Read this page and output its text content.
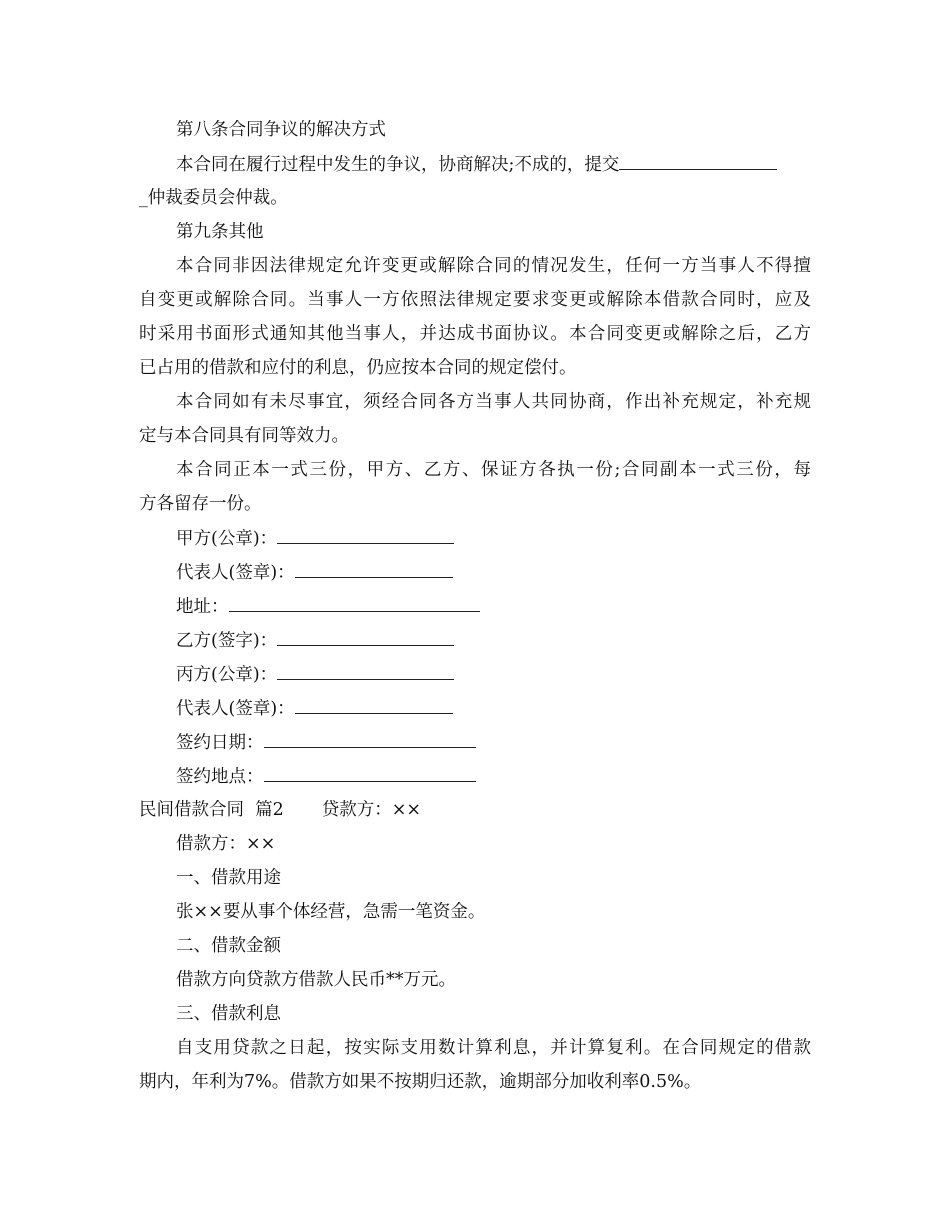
第八条合同争议的解决方式
本合同在履行过程中发生的争议，协商解决;不成的，提交
_仲裁委员会仲裁。
第九条其他
本合同非因法律规定允许变更或解除合同的情况发生，任何一方当事人不得擅
自变更或解除合同。当事人一方依照法律规定要求变更或解除本借款合同时，应及
时采用书面形式通知其他当事人，并达成书面协议。本合同变更或解除之后，乙方
已占用的借款和应付的利息，仍应按本合同的规定偿付。
本合同如有未尽事宜，须经合同各方当事人共同协商，作出补充规定，补充规
定与本合同具有同等效力。
本合同正本一式三份，甲方、乙方、保证方各执一份;合同副本一式三份，每
方各留存一份。
甲方(公章)：
代表人(签章)：
地址：
乙方(签字)：
丙方(公章)：
代表人(签章)：
签约日期：
签约地点：
民间借款合同  篇2 贷款方：××
借款方：××
一、借款用途
张××要从事个体经营，急需一笔资金。
二、借款金额
借款方向贷款方借款人民币**万元。
三、借款利息
自支用贷款之日起，按实际支用数计算利息，并计算复利。在合同规定的借款
期内，年利为7%。借款方如果不按期归还款，逾期部分加收利率0.5%。
